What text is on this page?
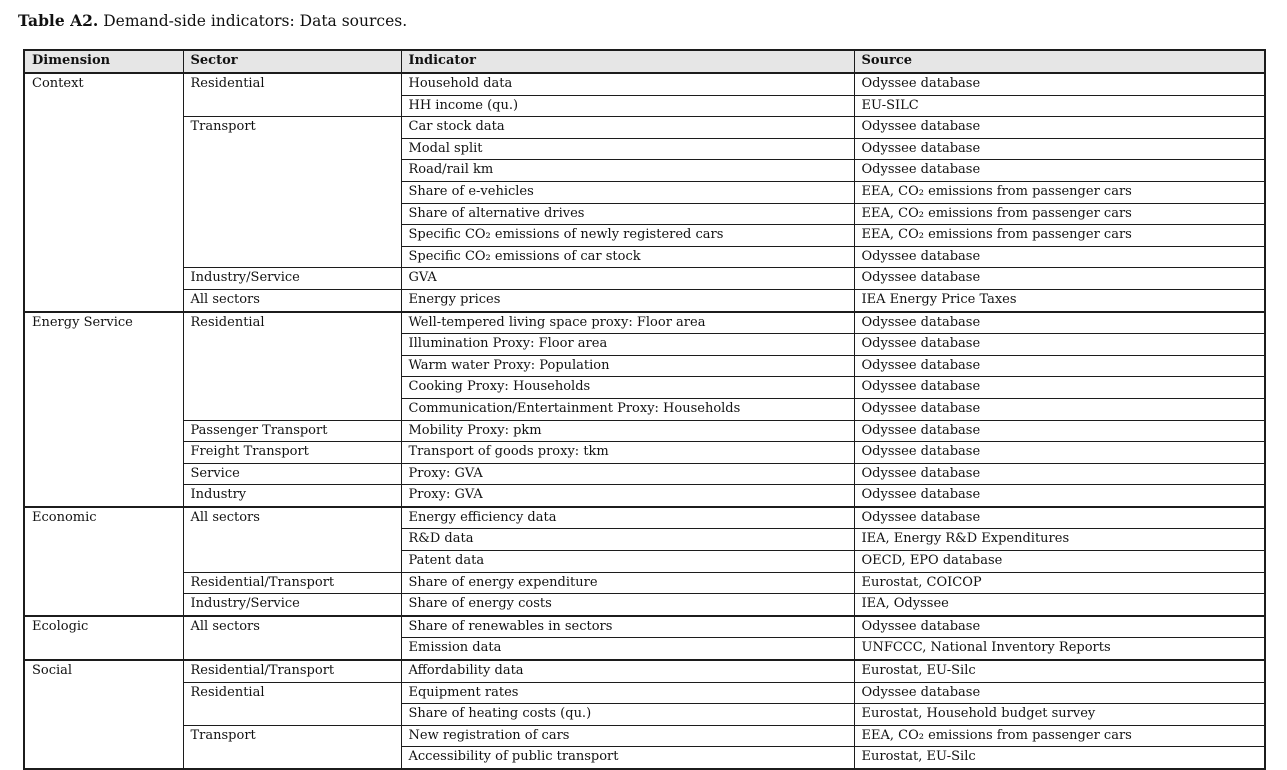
Table A2. Demand-side indicators: Data sources.
Dimension	Sector	Indicator	Source
Context	Residential	Household data	Odyssee database
		HH income (qu.)	EU-SILC
	Transport	Car stock data	Odyssee database
		Modal split	Odyssee database
		Road/rail km	Odyssee database
		Share of e-vehicles	EEA, CO₂ emissions from passenger cars
		Share of alternative drives	EEA, CO₂ emissions from passenger cars
		Specific CO₂ emissions of newly registered cars	EEA, CO₂ emissions from passenger cars
		Specific CO₂ emissions of car stock	Odyssee database
	Industry/Service	GVA	Odyssee database
	All sectors	Energy prices	IEA Energy Price Taxes
Energy Service	Residential	Well-tempered living space proxy: Floor area	Odyssee database
		Illumination Proxy: Floor area	Odyssee database
		Warm water Proxy: Population	Odyssee database
		Cooking Proxy: Households	Odyssee database
		Communication/Entertainment Proxy: Households	Odyssee database
	Passenger Transport	Mobility Proxy: pkm	Odyssee database
	Freight Transport	Transport of goods proxy: tkm	Odyssee database
	Service	Proxy: GVA	Odyssee database
	Industry	Proxy: GVA	Odyssee database
Economic	All sectors	Energy efficiency data	Odyssee database
		R&D data	IEA, Energy R&D Expenditures
		Patent data	OECD, EPO database
	Residential/Transport	Share of energy expenditure	Eurostat, COICOP
	Industry/Service	Share of energy costs	IEA, Odyssee
Ecologic	All sectors	Share of renewables in sectors	Odyssee database
		Emission data	UNFCCC, National Inventory Reports
Social	Residential/Transport	Affordability data	Eurostat, EU-Silc
	Residential	Equipment rates	Odyssee database
		Share of heating costs (qu.)	Eurostat, Household budget survey
	Transport	New registration of cars	EEA, CO₂ emissions from passenger cars
		Accessibility of public transport	Eurostat, EU-Silc
